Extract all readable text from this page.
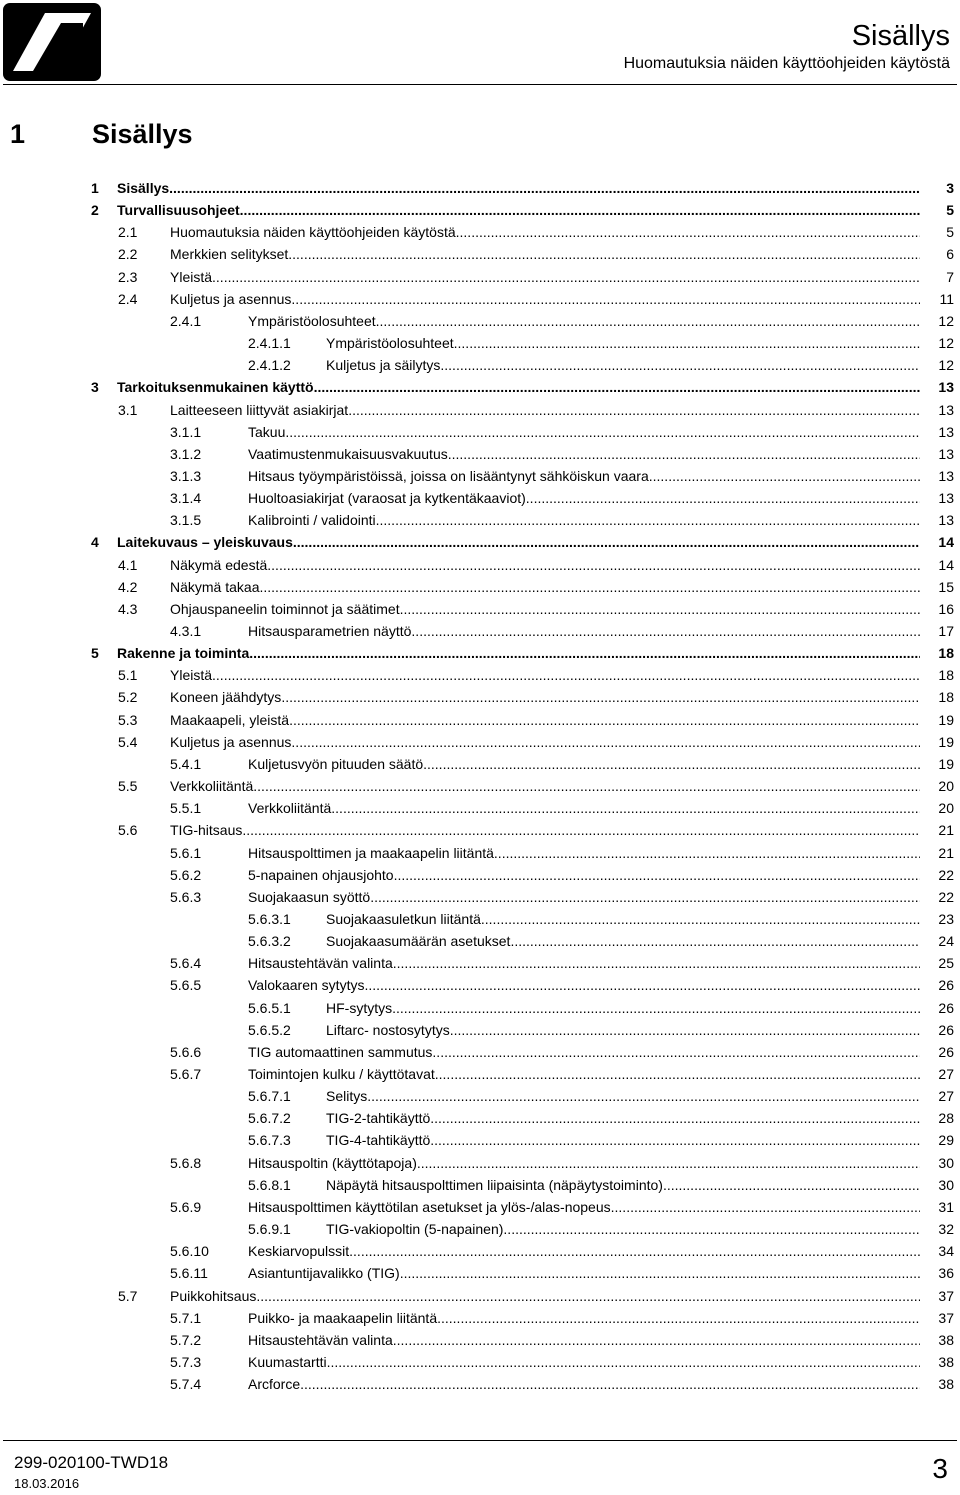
Sisällys
Huomautuksia näiden käyttöohjeiden käytöstä
1 Sisällys
1 Sisällys .....	3
2 Turvallisuusohjeet .....	5
2.1 Huomautuksia näiden käyttöohjeiden käytöstä .....	5
2.2 Merkkien selitykset .....	6
2.3 Yleistä .....	7
2.4 Kuljetus ja asennus .....	11
2.4.1	Ympäristöolosuhteet .....	12
2.4.1.1	Ympäristöolosuhteet .....	12
2.4.1.2	Kuljetus ja säilytys .....	12
3 Tarkoituksenmukainen käyttö .....	13
3.1 Laitteeseen liittyvät asiakirjat .....	13
3.1.1	Takuu .....	13
3.1.2	Vaatimustenmukaisuusvakuutus .....	13
3.1.3	Hitsaus työympäristöissä, joissa on lisääntynyt sähköiskun vaara .....	13
3.1.4	Huoltoasiakirjat (varaosat ja kytkentäkaaviot) .....	13
3.1.5	Kalibrointi / validointi .....	13
4 Laitekuvaus – yleiskuvaus .....	14
4.1 Näkymä edestä .....	14
4.2 Näkymä takaa .....	15
4.3 Ohjauspaneelin toiminnot ja säätimet .....	16
4.3.1	Hitsausparametrien näyttö .....	17
5 Rakenne ja toiminta .....	18
5.1 Yleistä .....	18
5.2 Koneen jäähdytys .....	18
5.3 Maakaapeli, yleistä .....	19
5.4 Kuljetus ja asennus .....	19
5.4.1	Kuljetusvyön pituuden säätö .....	19
5.5 Verkkoliitäntä .....	20
5.5.1	Verkkoliitäntä .....	20
5.6 TIG-hitsaus .....	21
5.6.1	Hitsauspolttimen ja maakaapelin liitäntä .....	21
5.6.2	5-napainen ohjausjohto .....	22
5.6.3	Suojakaasun syöttö .....	22
5.6.3.1	Suojakaasuletkun liitäntä .....	23
5.6.3.2	Suojakaasumäärän asetukset .....	24
5.6.4	Hitsaustehtävän valinta .....	25
5.6.5	Valokaaren sytytys .....	26
5.6.5.1	HF-sytytys .....	26
5.6.5.2	Liftarc- nostosytytys .....	26
5.6.6	TIG automaattinen sammutus .....	26
5.6.7	Toimintojen kulku / käyttötavat .....	27
5.6.7.1	Selitys .....	27
5.6.7.2	TIG-2-tahtikäyttö .....	28
5.6.7.3	TIG-4-tahtikäyttö .....	29
5.6.8	Hitsauspoltin (käyttötapoja) .....	30
5.6.8.1	Näpäytä hitsauspolttimen liipaisinta (näpäytystoiminto) .....	30
5.6.9	Hitsauspolttimen käyttötilan asetukset ja ylös-/alas-nopeus .....	31
5.6.9.1	TIG-vakiopoltin (5-napainen) .....	32
5.6.10	Keskiarvopulssit .....	34
5.6.11	Asiantuntijavalikko (TIG) .....	36
5.7 Puikkohitsaus .....	37
5.7.1	Puikko- ja maakaapelin liitäntä .....	37
5.7.2	Hitsaustehtävän valinta .....	38
5.7.3	Kuumastartti .....	38
5.7.4	Arcforce .....	38
299-020100-TWD18
18.03.2016	3
